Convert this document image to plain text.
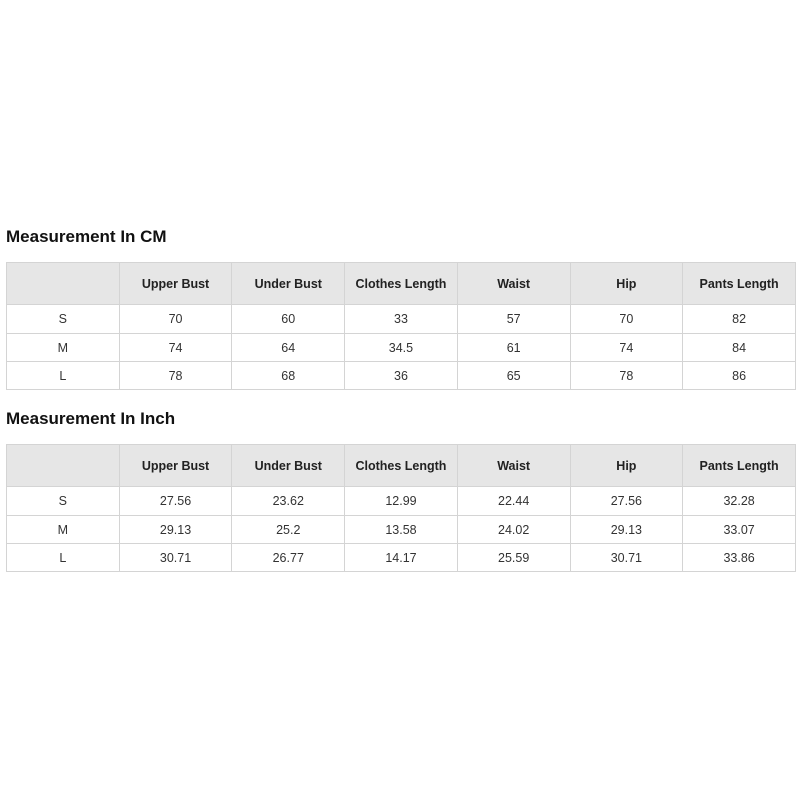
Measurement In CM
	Upper Bust	Under Bust	Clothes Length	Waist	Hip	Pants Length
S	70	60	33	57	70	82
M	74	64	34.5	61	74	84
L	78	68	36	65	78	86
Measurement In Inch
	Upper Bust	Under Bust	Clothes Length	Waist	Hip	Pants Length
S	27.56	23.62	12.99	22.44	27.56	32.28
M	29.13	25.2	13.58	24.02	29.13	33.07
L	30.71	26.77	14.17	25.59	30.71	33.86
